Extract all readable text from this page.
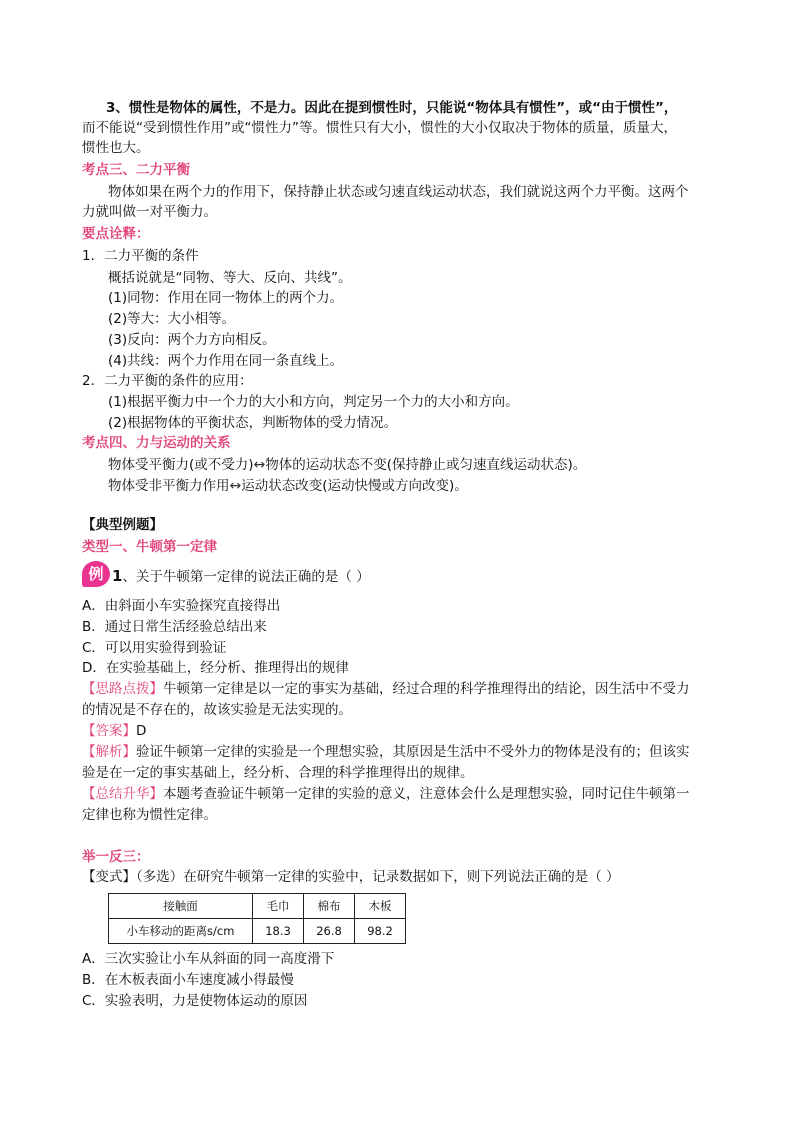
3、惯性是物体的属性，不是力。因此在提到惯性时，只能说“物体具有惯性”，或“由于惯性”，
而不能说“受到惯性作用”或“惯性力”等。惯性只有大小，惯性的大小仅取决于物体的质量，质量大，
惯性也大。
考点三、二力平衡
物体如果在两个力的作用下，保持静止状态或匀速直线运动状态，我们就说这两个力平衡。这两个
力就叫做一对平衡力。
要点诠释：
1．二力平衡的条件
概括说就是“同物、等大、反向、共线”。
(1)同物：作用在同一物体上的两个力。
(2)等大：大小相等。
(3)反向：两个力方向相反。
(4)共线：两个力作用在同一条直线上。
2．二力平衡的条件的应用：
(1)根据平衡力中一个力的大小和方向，判定另一个力的大小和方向。
(2)根据物体的平衡状态，判断物体的受力情况。
考点四、力与运动的关系
物体受平衡力(或不受力)↔物体的运动状态不变(保持静止或匀速直线运动状态)。
物体受非平衡力作用↔运动状态改变(运动快慢或方向改变)。
【典型例题】
类型一、牛顿第一定律
例 1、关于牛顿第一定律的说法正确的是（ ）
A．由斜面小车实验探究直接得出
B．通过日常生活经验总结出来
C．可以用实验得到验证
D．在实验基础上，经分析、推理得出的规律
【思路点拨】牛顿第一定律是以一定的事实为基础，经过合理的科学推理得出的结论，因生活中不受力
的情况是不存在的，故该实验是无法实现的。
【答案】D
【解析】验证牛顿第一定律的实验是一个理想实验，其原因是生活中不受外力的物体是没有的；但该实
验是在一定的事实基础上，经分析、合理的科学推理得出的规律。
【总结升华】本题考查验证牛顿第一定律的实验的意义，注意体会什么是理想实验，同时记住牛顿第一
定律也称为惯性定律。
举一反三：
【变式】（多选）在研究牛顿第一定律的实验中，记录数据如下，则下列说法正确的是（ ）
接触面	毛巾	棉布	木板
小车移动的距离s/cm	18.3	26.8	98.2
A．三次实验让小车从斜面的同一高度滑下
B．在木板表面小车速度减小得最慢
C．实验表明，力是使物体运动的原因
